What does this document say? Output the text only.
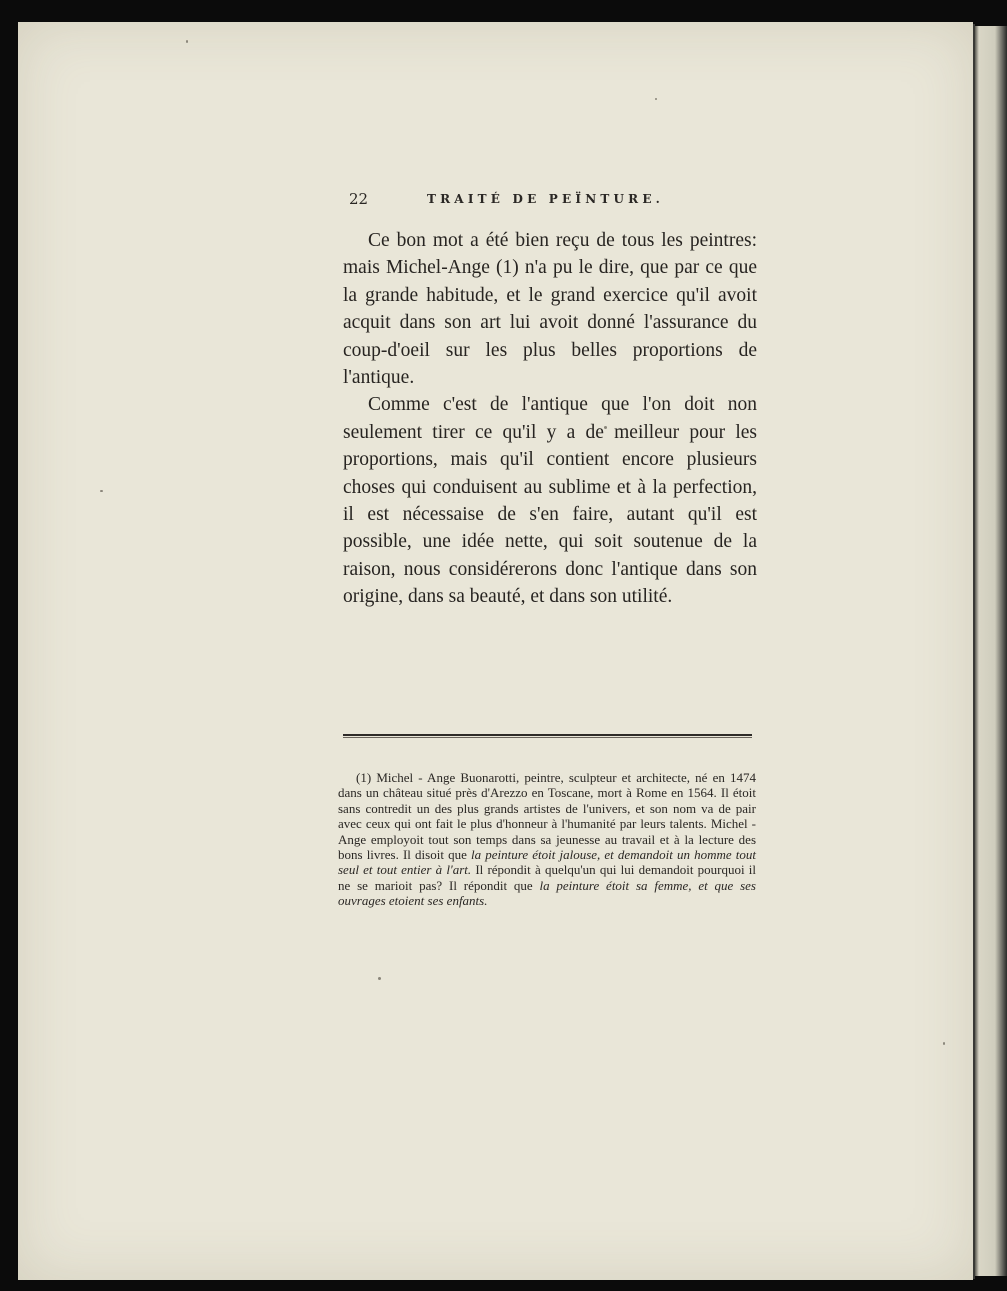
22	TRAITÉ DE PEÏNTURE.

Ce bon mot a été bien reçu de tous les peintres: mais Michel-Ange (1) n'a pu le dire, que par ce que la grande habitude, et le grand exercice qu'il avoit acquit dans son art lui avoit donné l'assurance du coup-d'oeil sur les plus belles proportions de l'antique.

Comme c'est de l'antique que l'on doit non seulement tirer ce qu'il y a de meilleur pour les proportions, mais qu'il contient encore plusieurs choses qui conduisent au sublime et à la perfection, il est nécessaise de s'en faire, autant qu'il est possible, une idée nette, qui soit soutenue de la raison, nous considérerons donc l'antique dans son origine, dans sa beauté, et dans son utilité.

(1) Michel - Ange Buonarotti, peintre, sculpteur et architecte, né en 1474 dans un château situé près d'Arezzo en Toscane, mort à Rome en 1564. Il étoit sans contredit un des plus grands artistes de l'univers, et son nom va de pair avec ceux qui ont fait le plus d'honneur à l'humanité par leurs talents. Michel - Ange employoit tout son temps dans sa jeunesse au travail et à la lecture des bons livres. Il disoit que la peinture étoit jalouse, et demandoit un homme tout seul et tout entier à l'art. Il répondit à quelqu'un qui lui demandoit pourquoi il ne se marioit pas? Il répondit que la peinture étoit sa femme, et que ses ouvrages etoient ses enfants.
